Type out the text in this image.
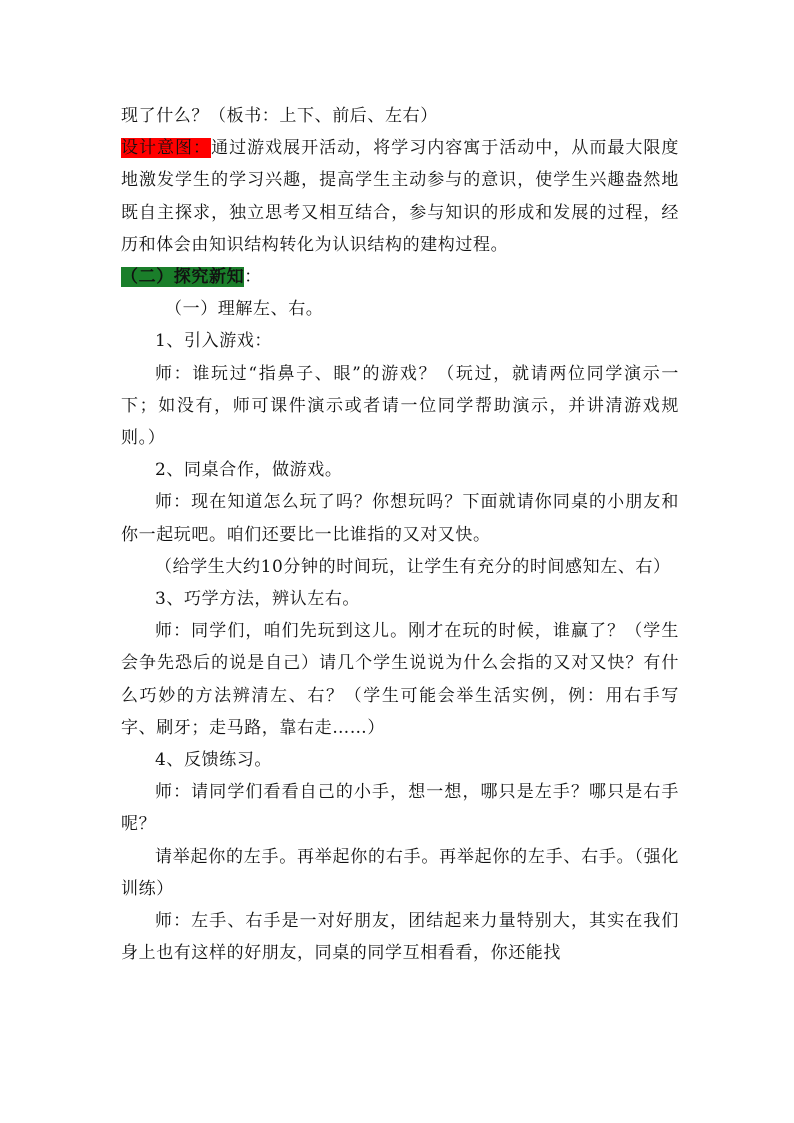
现了什么？（板书：上下、前后、左右）

设计意图：通过游戏展开活动，将学习内容寓于活动中，从而最大限度地激发学生的学习兴趣，提高学生主动参与的意识，使学生兴趣盎然地既自主探求，独立思考又相互结合，参与知识的形成和发展的过程，经历和体会由知识结构转化为认识结构的建构过程。

（二）探究新知：

（一）理解左、右。

1、引入游戏：

师：谁玩过“指鼻子、眼”的游戏？（玩过，就请两位同学演示一下；如没有，师可课件演示或者请一位同学帮助演示，并讲清游戏规则。）

2、同桌合作，做游戏。

师：现在知道怎么玩了吗？你想玩吗？下面就请你同桌的小朋友和你一起玩吧。咱们还要比一比谁指的又对又快。

（给学生大约10分钟的时间玩，让学生有充分的时间感知左、右）

3、巧学方法，辨认左右。

师：同学们，咱们先玩到这儿。刚才在玩的时候，谁赢了？（学生会争先恐后的说是自己）请几个学生说说为什么会指的又对又快？有什么巧妙的方法辨清左、右？（学生可能会举生活实例，例：用右手写字、刷牙；走马路，靠右走……）

4、反馈练习。

师：请同学们看看自己的小手，想一想，哪只是左手？哪只是右手呢？

请举起你的左手。再举起你的右手。再举起你的左手、右手。（强化训练）

师：左手、右手是一对好朋友，团结起来力量特别大，其实在我们身上也有这样的好朋友，同桌的同学互相看看，你还能找
